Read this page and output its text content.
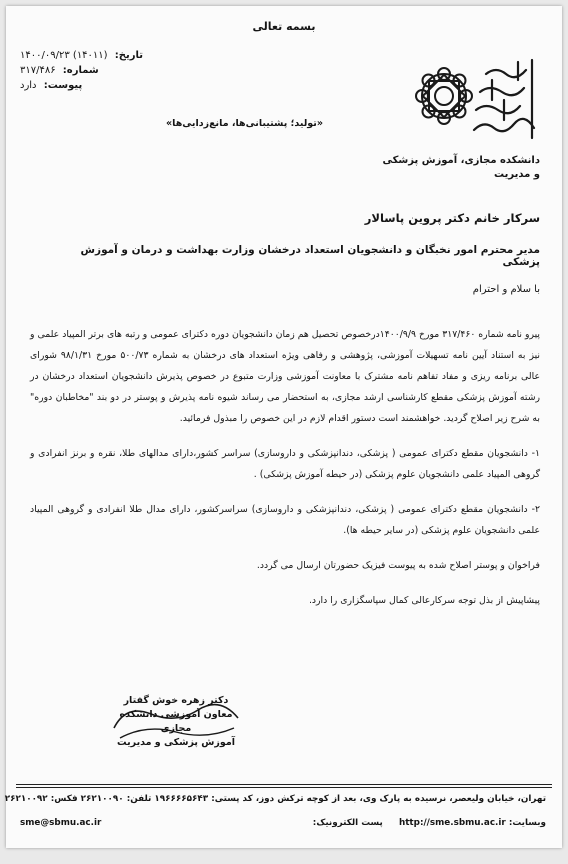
بسمه تعالی
تاریخ: (۱۴۰۱۱) ۱۴۰۰/۰۹/۲۳
شماره: ۳۱۷/۴۸۶
پیوست: دارد
دانشکده مجازی، آموزش پزشکی و مدیریت
«تولید؛ پشتیبانی‌ها، مانع‌زدایی‌ها»
سرکار خانم دکتر پروین پاسالار
مدیر محترم امور نخبگان و دانشجویان استعداد درخشان وزارت بهداشت و درمان و آموزش پزشکی
با سلام و احترام

پیرو نامه شماره ۳۱۷/۴۶۰ مورخ ۱۴۰۰/۹/۹درخصوص تحصیل هم زمان دانشجویان دوره دکترای عمومی و رتبه های برتر المپیاد علمی و نیز به استناد آیین نامه تسهیلات آموزشی، پژوهشی و رفاهی ویژه استعداد های درخشان به شماره ۵۰۰/۷۳ مورخ ۹۸/۱/۳۱ شورای عالی برنامه ریزی و مفاد تفاهم نامه مشترک با معاونت آموزشی وزارت متبوع در خصوص پذیرش دانشجویان استعداد درخشان در رشته آموزش پزشکی مقطع کارشناسی ارشد مجازی، به استحضار می رساند شیوه نامه پذیرش و پوستر در دو بند "مخاطبان دوره" به شرح زیر اصلاح گردید. خواهشمند است دستور اقدام لازم در این خصوص را مبذول فرمائید.

۱- دانشجویان مقطع دکترای عمومی ( پزشکی، دندانپزشکی و داروسازی) سراسر کشور،دارای مدالهای طلا، نقره و برنز انفرادی و گروهی المپیاد علمی دانشجویان علوم پزشکی (در حیطه آموزش پزشکی) .

۲- دانشجویان مقطع دکترای عمومی ( پزشکی، دندانپزشکی و داروسازی) سراسرکشور، دارای مدال طلا انفرادی و گروهی المپیاد علمی دانشجویان علوم پزشکی (در سایر حیطه ها).

فراخوان و پوستر اصلاح شده به پیوست فیزیک حضورتان ارسال می گردد.

پیشاپیش از بذل توجه سرکارعالی کمال سپاسگزاری را دارد.

دکتر زهره خوش گفتار
معاون آموزشی دانشکده مجازی
آموزش پزشکی و مدیریت
تهران، خیابان ولیعصر، نرسیده به پارک وی، بعد از کوچه ترکش دوز، کد پستی: ۱۹۶۶۶۶۵۶۴۳ تلفن: ۲۶۲۱۰۰۹۰ فکس: ۲۶۲۱۰۰۹۲
وبسایت: http://sme.sbmu.ac.ir  پست الکترونیک:
sme@sbmu.ac.ir
